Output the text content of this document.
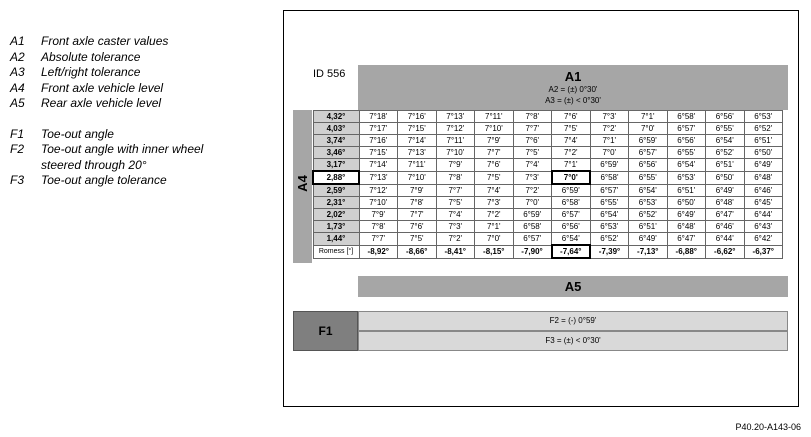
A1	Front axle caster values
A2	Absolute tolerance
A3	Left/right tolerance
A4	Front axle vehicle level
A5	Rear axle vehicle level
F1	Toe-out angle
F2	Toe-out angle with inner wheel steered through 20°
F3	Toe-out angle tolerance
ID 556	A1
A2 = (±) 0°30'
A3 = (±) < 0°30'
A4
4,32°	7°18'	7°16'	7°13'	7°11'	7°8'	7°6'	7°3'	7°1'	6°58'	6°56'	6°53'
4,03°	7°17'	7°15'	7°12'	7°10'	7°7'	7°5'	7°2'	7°0'	6°57'	6°55'	6°52'
3,74°	7°16'	7°14'	7°11'	7°9'	7°6'	7°4'	7°1'	6°59'	6°56'	6°54'	6°51'
3,46°	7°15'	7°13'	7°10'	7°7'	7°5'	7°2'	7°0'	6°57'	6°55'	6°52'	6°50'
3,17°	7°14'	7°11'	7°9'	7°6'	7°4'	7°1'	6°59'	6°56'	6°54'	6°51'	6°49'
2,88°	7°13'	7°10'	7°8'	7°5'	7°3'	7°0'	6°58'	6°55'	6°53'	6°50'	6°48'
2,59°	7°12'	7°9'	7°7'	7°4'	7°2'	6°59'	6°57'	6°54'	6°51'	6°49'	6°46'
2,31°	7°10'	7°8'	7°5'	7°3'	7°0'	6°58'	6°55'	6°53'	6°50'	6°48'	6°45'
2,02°	7°9'	7°7'	7°4'	7°2'	6°59'	6°57'	6°54'	6°52'	6°49'	6°47'	6°44'
1,73°	7°8'	7°6'	7°3'	7°1'	6°58'	6°56'	6°53'	6°51'	6°48'	6°46'	6°43'
1,44°	7°7'	7°5'	7°2'	7°0'	6°57'	6°54'	6°52'	6°49'	6°47'	6°44'	6°42'
Romess [°]	-8,92°	-8,66°	-8,41°	-8,15°	-7,90°	-7,64°	-7,39°	-7,13°	-6,88°	-6,62°	-6,37°
A5
F1
F2 = (-) 0°59'
F3 = (±) < 0°30'
P40.20-A143-06
